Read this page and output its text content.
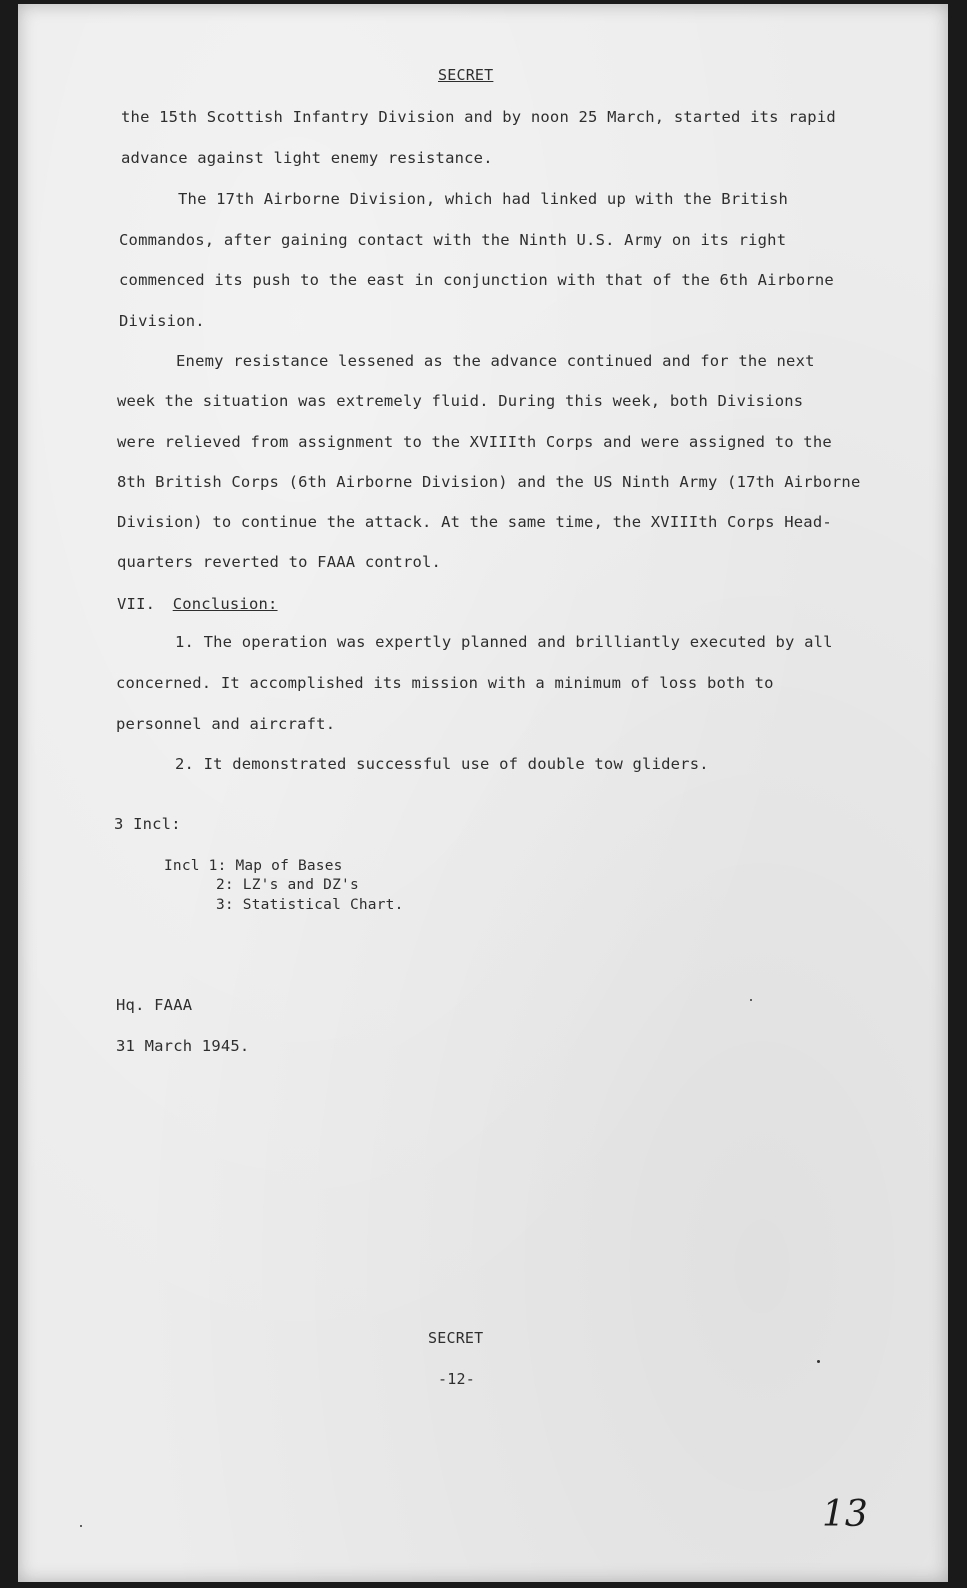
SECRET
the 15th Scottish Infantry Division and by noon 25 March, started its rapid
advance against light enemy resistance.
The 17th Airborne Division, which had linked up with the British
Commandos, after gaining contact with the Ninth U.S. Army on its right
commenced its push to the east in conjunction with that of the 6th Airborne
Division.
Enemy resistance lessened as the advance continued and for the next
week the situation was extremely fluid. During this week, both Divisions
were relieved from assignment to the XVIIIth Corps and were assigned to the
8th British Corps (6th Airborne Division) and the US Ninth Army (17th Airborne
Division) to continue the attack. At the same time, the XVIIIth Corps Head-
quarters reverted to FAAA control.
VII. Conclusion:
1. The operation was expertly planned and brilliantly executed by all
concerned. It accomplished its mission with a minimum of loss both to
personnel and aircraft.
2. It demonstrated successful use of double tow gliders.
3 Incl:
Incl 1: Map of Bases
2: LZ's and DZ's
3: Statistical Chart.
Hq. FAAA
31 March 1945.
SECRET
-12-
13
